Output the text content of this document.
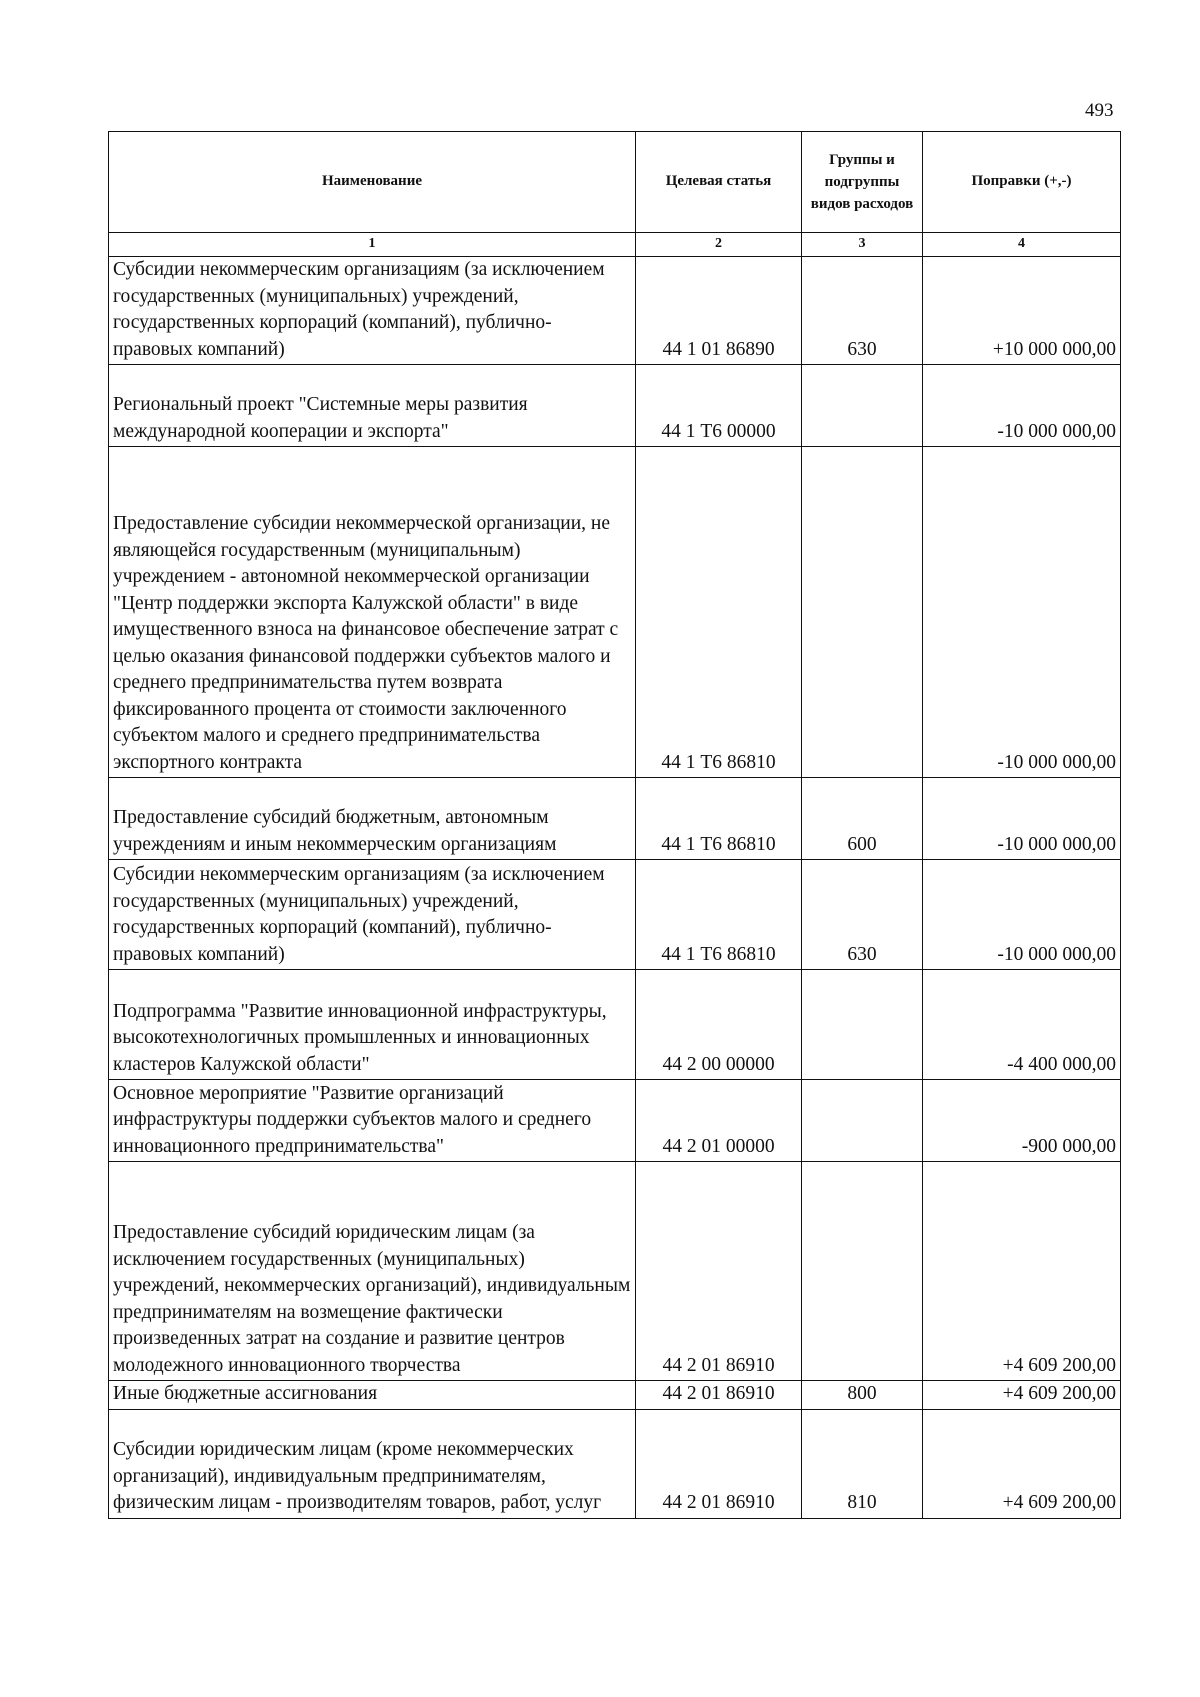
493
Наименование	Целевая статья	Группы и подгруппы видов расходов	Поправки (+,-)
1	2	3	4
Субсидии некоммерческим организациям (за исключением государственных (муниципальных) учреждений, государственных корпораций (компаний), публично-правовых компаний)	44 1 01 86890	630	+10 000 000,00
Региональный проект "Системные меры развития международной кооперации и экспорта"	44 1 Т6 00000		-10 000 000,00
Предоставление субсидии некоммерческой организации, не являющейся государственным (муниципальным) учреждением - автономной некоммерческой организации "Центр поддержки экспорта Калужской области" в виде имущественного взноса на финансовое обеспечение затрат с целью оказания финансовой поддержки субъектов малого и среднего предпринимательства путем возврата фиксированного процента от стоимости заключенного субъектом малого и среднего предпринимательства экспортного контракта	44 1 Т6 86810		-10 000 000,00
Предоставление субсидий бюджетным, автономным учреждениям и иным некоммерческим организациям	44 1 Т6 86810	600	-10 000 000,00
Субсидии некоммерческим организациям (за исключением государственных (муниципальных) учреждений, государственных корпораций (компаний), публично-правовых компаний)	44 1 Т6 86810	630	-10 000 000,00
Подпрограмма "Развитие инновационной инфраструктуры, высокотехнологичных промышленных и инновационных кластеров Калужской области"	44 2 00 00000		-4 400 000,00
Основное мероприятие "Развитие организаций инфраструктуры поддержки субъектов малого и среднего инновационного предпринимательства"	44 2 01 00000		-900 000,00
Предоставление субсидий юридическим лицам (за исключением государственных (муниципальных) учреждений, некоммерческих организаций), индивидуальным предпринимателям на возмещение фактически произведенных затрат на создание и развитие центров молодежного инновационного творчества	44 2 01 86910		+4 609 200,00
Иные бюджетные ассигнования	44 2 01 86910	800	+4 609 200,00
Субсидии юридическим лицам (кроме некоммерческих организаций), индивидуальным предпринимателям, физическим лицам - производителям товаров, работ, услуг	44 2 01 86910	810	+4 609 200,00
